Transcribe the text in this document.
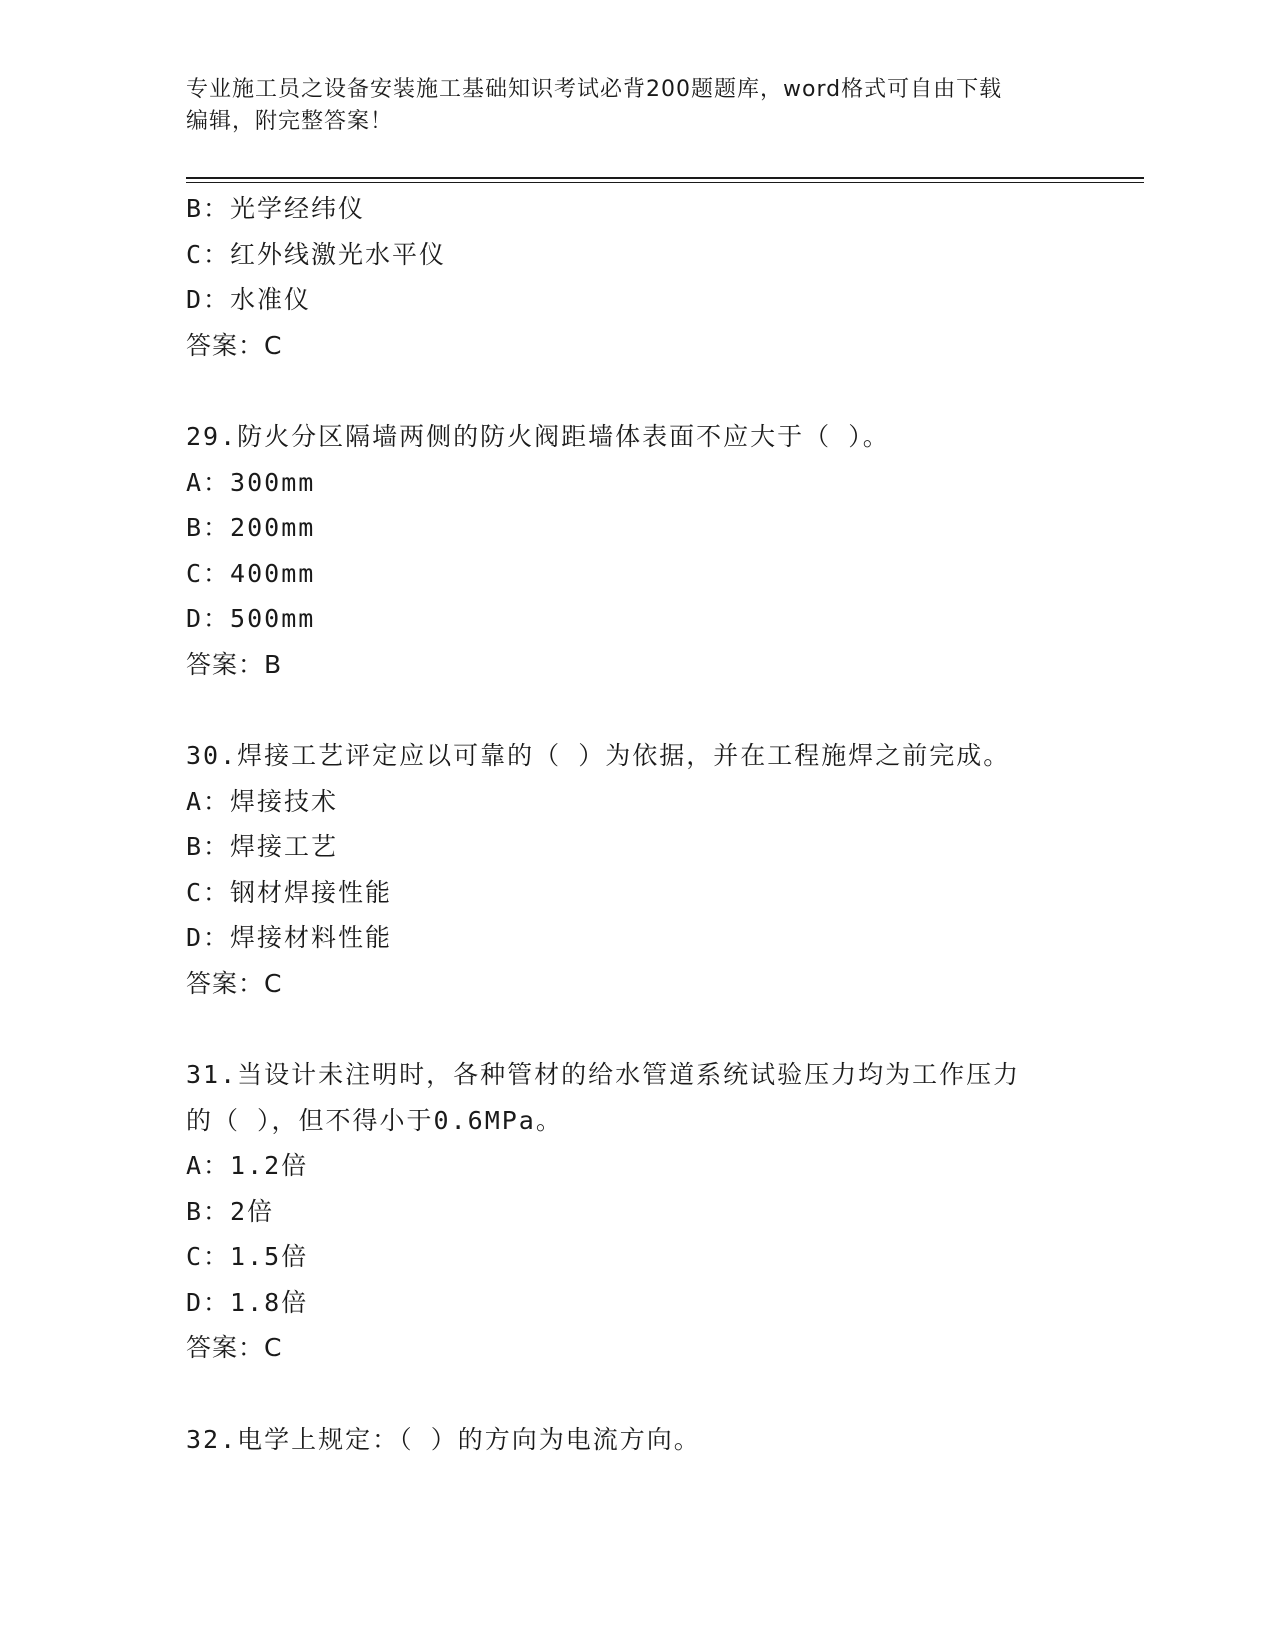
专业施工员之设备安装施工基础知识考试必背200题题库，word格式可自由下载
编辑，附完整答案！
B：光学经纬仪
C：红外线激光水平仪
D：水准仪
答案：C
29.防火分区隔墙两侧的防火阀距墙体表面不应大于（ ）。
A：300mm
B：200mm
C：400mm
D：500mm
答案：B
30.焊接工艺评定应以可靠的（ ）为依据，并在工程施焊之前完成。
A：焊接技术
B：焊接工艺
C：钢材焊接性能
D：焊接材料性能
答案：C
31.当设计未注明时，各种管材的给水管道系统试验压力均为工作压力
的（ ），但不得小于0.6MPa。
A：1.2倍
B：2倍
C：1.5倍
D：1.8倍
答案：C
32.电学上规定：（ ）的方向为电流方向。
